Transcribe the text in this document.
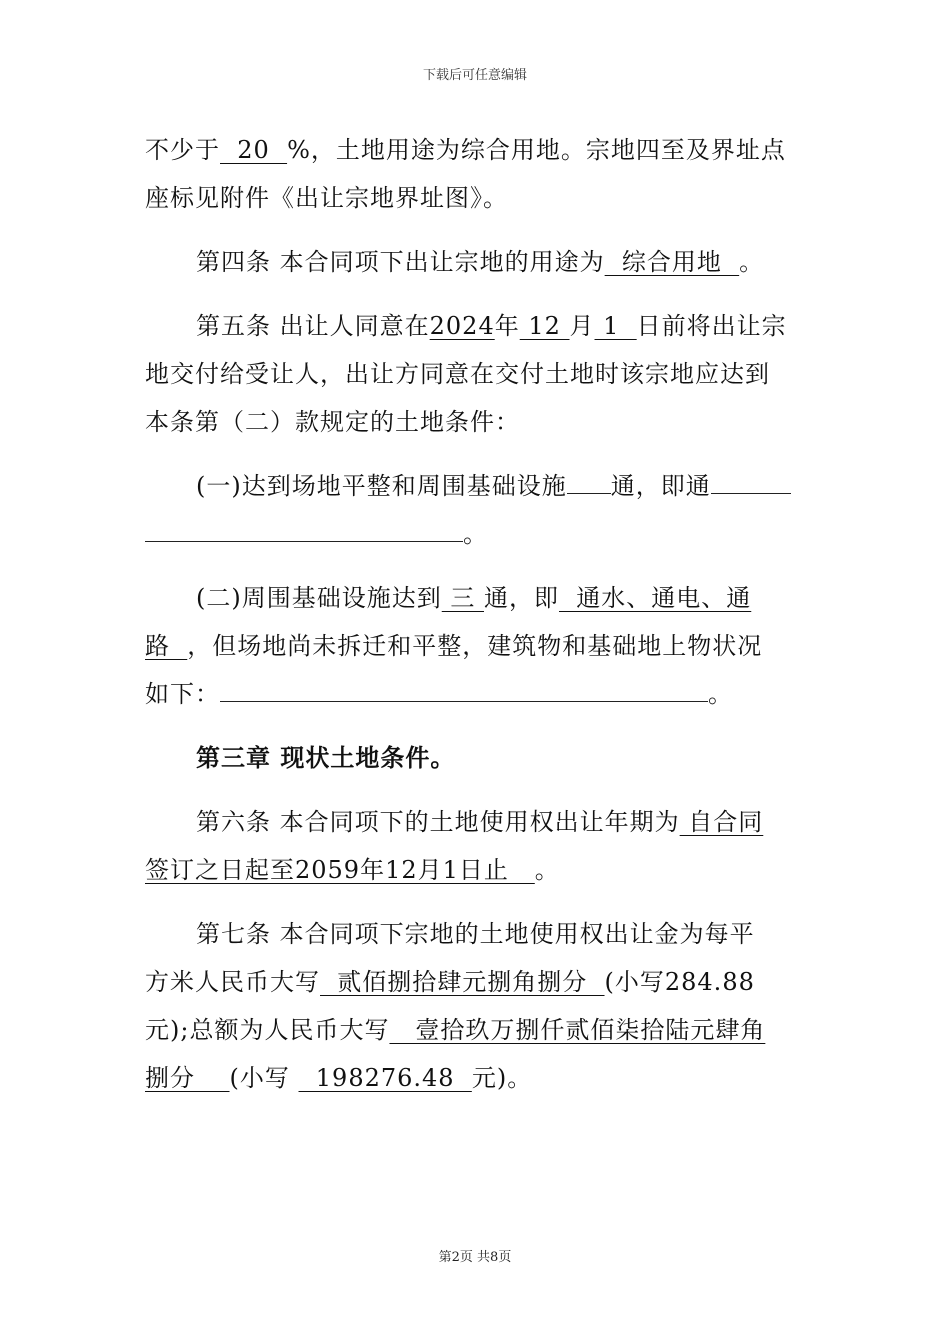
下载后可任意编辑
不少于  20  %，土地用途为综合用地。宗地四至及界址点
座标见附件《出让宗地界址图》。
第四条 本合同项下出让宗地的用途为  综合用地  。
第五条 出让人同意在2024年 12 月 1  日前将出让宗
地交付给受让人，出让方同意在交付土地时该宗地应达到
本条第（二）款规定的土地条件：
(一)达到场地平整和周围基础设施 通，即通
。
(二)周围基础设施达到 三 通，即  通水、通电、通
路  ，但场地尚未拆迁和平整，建筑物和基础地上物状况
如下：	。
第三章 现状土地条件。
第六条 本合同项下的土地使用权出让年期为 自合同
签订之日起至2059年12月1日止   。
第七条 本合同项下宗地的土地使用权出让金为每平
方米人民币大写  贰佰捌拾肆元捌角捌分  (小写284.88
元);总额为人民币大写   壹拾玖万捌仟贰佰柒拾陆元肆角
捌分    (小写   198276.48  元)。
第2页 共8页
